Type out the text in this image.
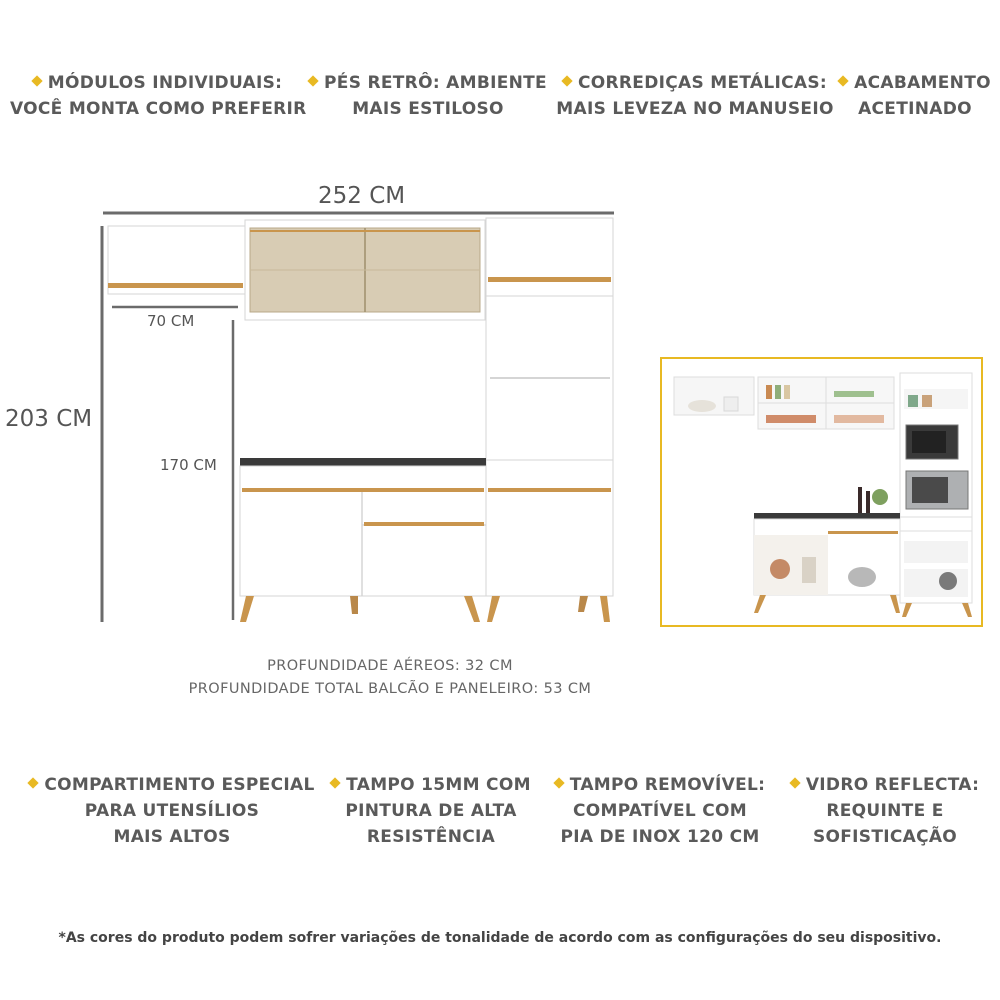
MÓDULOS INDIVIDUAIS:
VOCÊ MONTA COMO PREFERIR
PÉS RETRÔ: AMBIENTE
MAIS ESTILOSO
CORREDIÇAS METÁLICAS:
MAIS LEVEZA NO MANUSEIO
ACABAMENTO
ACETINADO
252 CM
203 CM
70 CM
170 CM
PROFUNDIDADE AÉREOS: 32 CM
PROFUNDIDADE TOTAL BALCÃO E PANELEIRO: 53 CM
COMPARTIMENTO ESPECIAL
PARA UTENSÍLIOS
MAIS ALTOS
TAMPO 15MM COM
PINTURA DE ALTA
RESISTÊNCIA
TAMPO REMOVÍVEL:
COMPATÍVEL COM
PIA DE INOX 120 CM
VIDRO REFLECTA:
REQUINTE E
SOFISTICAÇÃO
*As cores do produto podem sofrer variações de tonalidade de acordo com as configurações do seu dispositivo.
